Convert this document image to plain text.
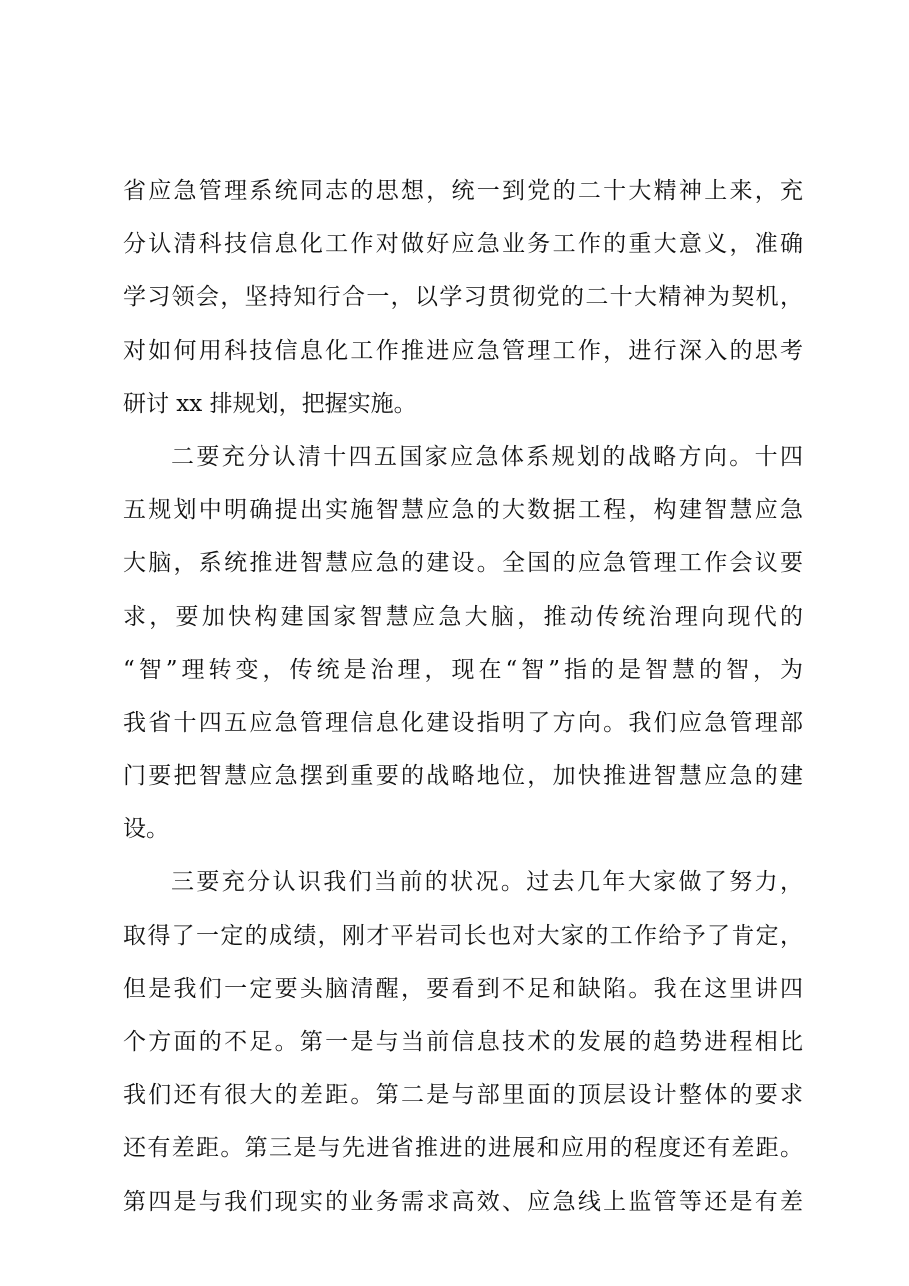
省应急管理系统同志的思想，统一到党的二十大精神上来，充
分认清科技信息化工作对做好应急业务工作的重大意义，准确
学习领会，坚持知行合一，以学习贯彻党的二十大精神为契机，
对如何用科技信息化工作推进应急管理工作，进行深入的思考
研讨 xx 排规划，把握实施。
二要充分认清十四五国家应急体系规划的战略方向。十四
五规划中明确提出实施智慧应急的大数据工程，构建智慧应急
大脑，系统推进智慧应急的建设。全国的应急管理工作会议要
求，要加快构建国家智慧应急大脑，推动传统治理向现代的
“智”理转变，传统是治理，现在“智”指的是智慧的智，为
我省十四五应急管理信息化建设指明了方向。我们应急管理部
门要把智慧应急摆到重要的战略地位，加快推进智慧应急的建
设。
三要充分认识我们当前的状况。过去几年大家做了努力，
取得了一定的成绩，刚才平岩司长也对大家的工作给予了肯定，
但是我们一定要头脑清醒，要看到不足和缺陷。我在这里讲四
个方面的不足。第一是与当前信息技术的发展的趋势进程相比
我们还有很大的差距。第二是与部里面的顶层设计整体的要求
还有差距。第三是与先进省推进的进展和应用的程度还有差距。
第四是与我们现实的业务需求高效、应急线上监管等还是有差
